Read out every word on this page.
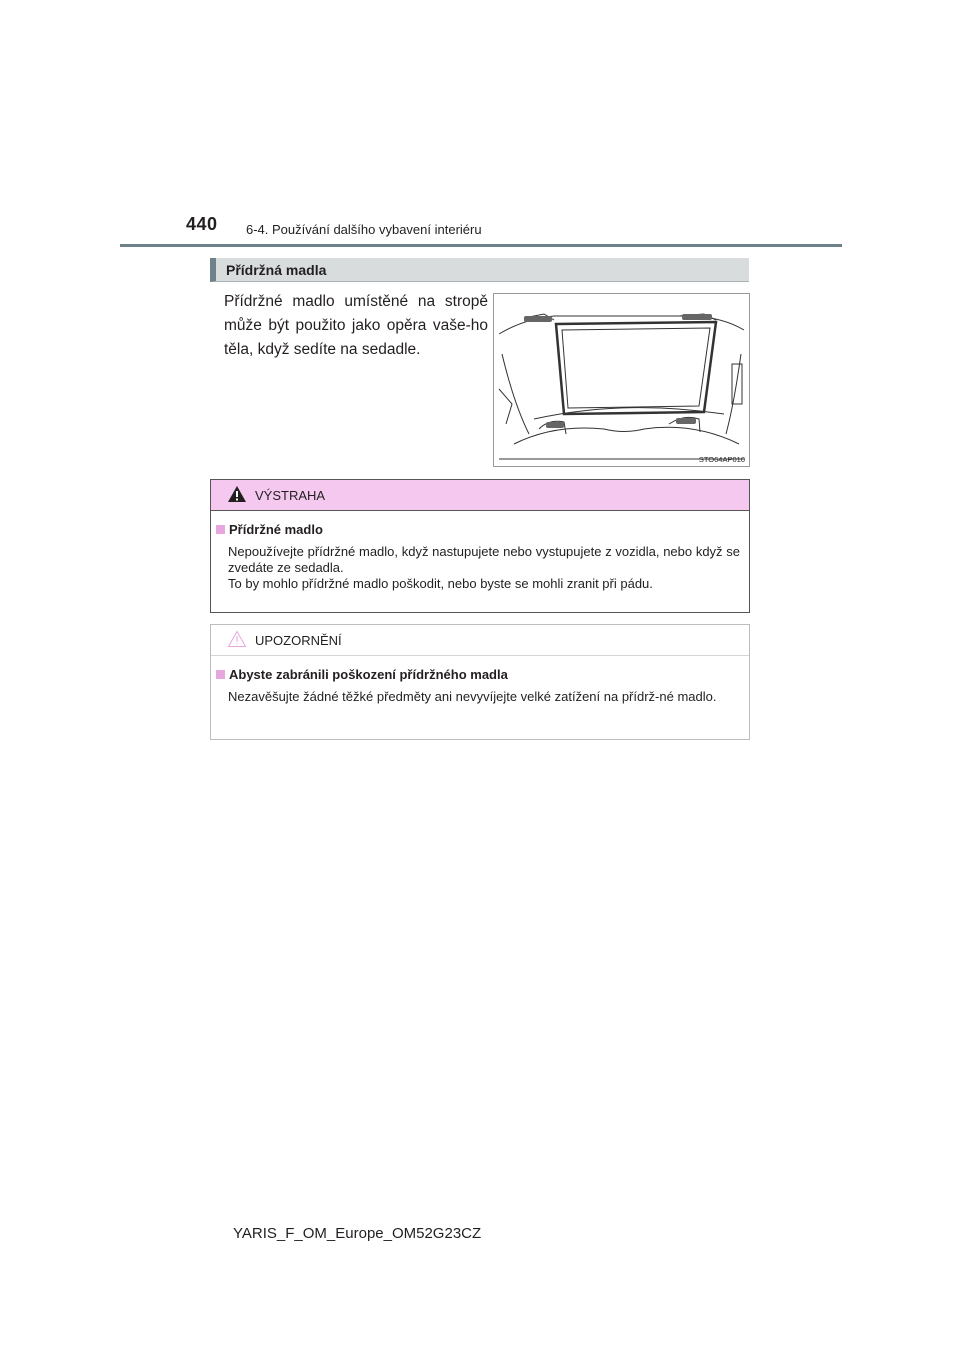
440 6-4. Používání dalšího vybavení interiéru
Přídržná madla
Přídržné madlo umístěné na stropě může být použito jako opěra vaše-ho těla, když sedíte na sedadle.
STO64AP010
VÝSTRAHA
Přídržné madlo
Nepoužívejte přídržné madlo, když nastupujete nebo vystupujete z vozidla, nebo když se zvedáte ze sedadla.
To by mohlo přídržné madlo poškodit, nebo byste se mohli zranit při pádu.
UPOZORNĚNÍ
Abyste zabránili poškození přídržného madla
Nezavěšujte žádné těžké předměty ani nevyvíjejte velké zatížení na přídrž-né madlo.
YARIS_F_OM_Europe_OM52G23CZ
